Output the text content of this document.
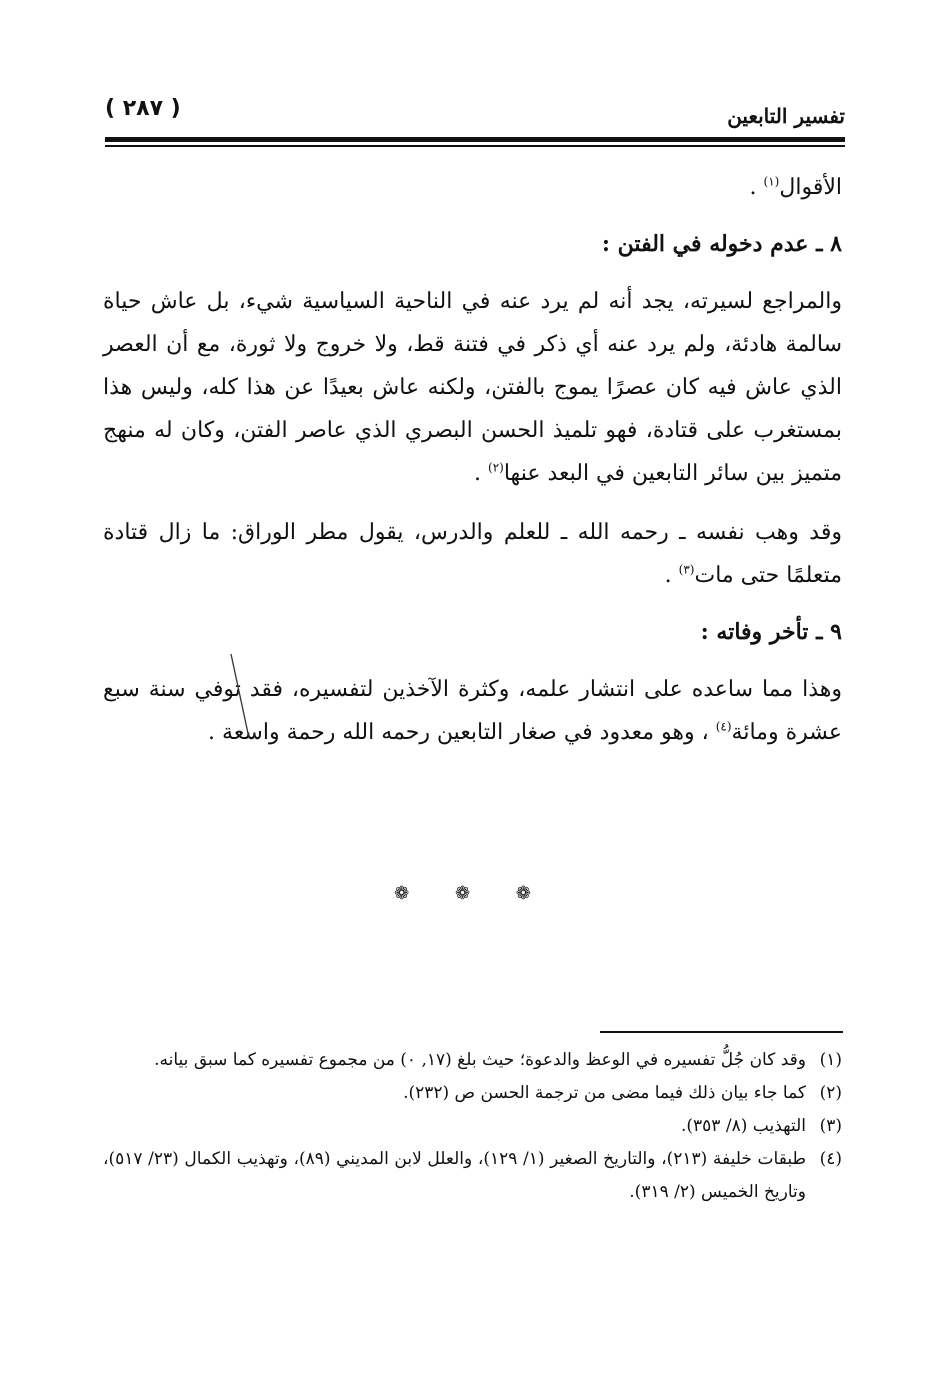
( ٢٨٧ )	تفسير التابعين

الأقوال$^{(١)}$ .

٨ ـ عدم دخوله في الفتن :

والمراجع لسيرته، يجد أنه لم يرد عنه في الناحية السياسية شيء، بل عاش حياة سالمة هادئة، ولم يرد عنه أي ذكر في فتنة قط، ولا خروج ولا ثورة، مع أن العصر الذي عاش فيه كان عصرًا يموج بالفتن، ولكنه عاش بعيدًا عن هذا كله، وليس هذا بمستغرب على قتادة، فهو تلميذ الحسن البصري الذي عاصر الفتن، وكان له منهج متميز بين سائر التابعين في البعد عنها$^{(٢)}$ .

وقد وهب نفسه ـ رحمه الله ـ للعلم والدرس، يقول مطر الوراق: ما زال قتادة متعلمًا حتى مات$^{(٣)}$ .

٩ ـ تأخر وفاته :

وهذا مما ساعده على انتشار علمه، وكثرة الآخذين لتفسيره، فقد توفي سنة سبع عشرة ومائة$^{(٤)}$ ، وهو معدود في صغار التابعين رحمه الله رحمة واسعة .

❁ ❁ ❁
(١)
وقد كان جُلُّ تفسيره في الوعظ والدعوة؛ حيث بلغ (١٧, ٠) من مجموع تفسيره كما سبق بيانه.
(٢)
كما جاء بيان ذلك فيما مضى من ترجمة الحسن ص (٢٣٢).
(٣)
التهذيب (٨/ ٣٥٣).
(٤)
طبقات خليفة (٢١٣)، والتاريخ الصغير (١/ ١٢٩)، والعلل لابن المديني (٨٩)، وتهذيب الكمال (٢٣/ ٥١٧)، وتاريخ الخميس (٢/ ٣١٩).
